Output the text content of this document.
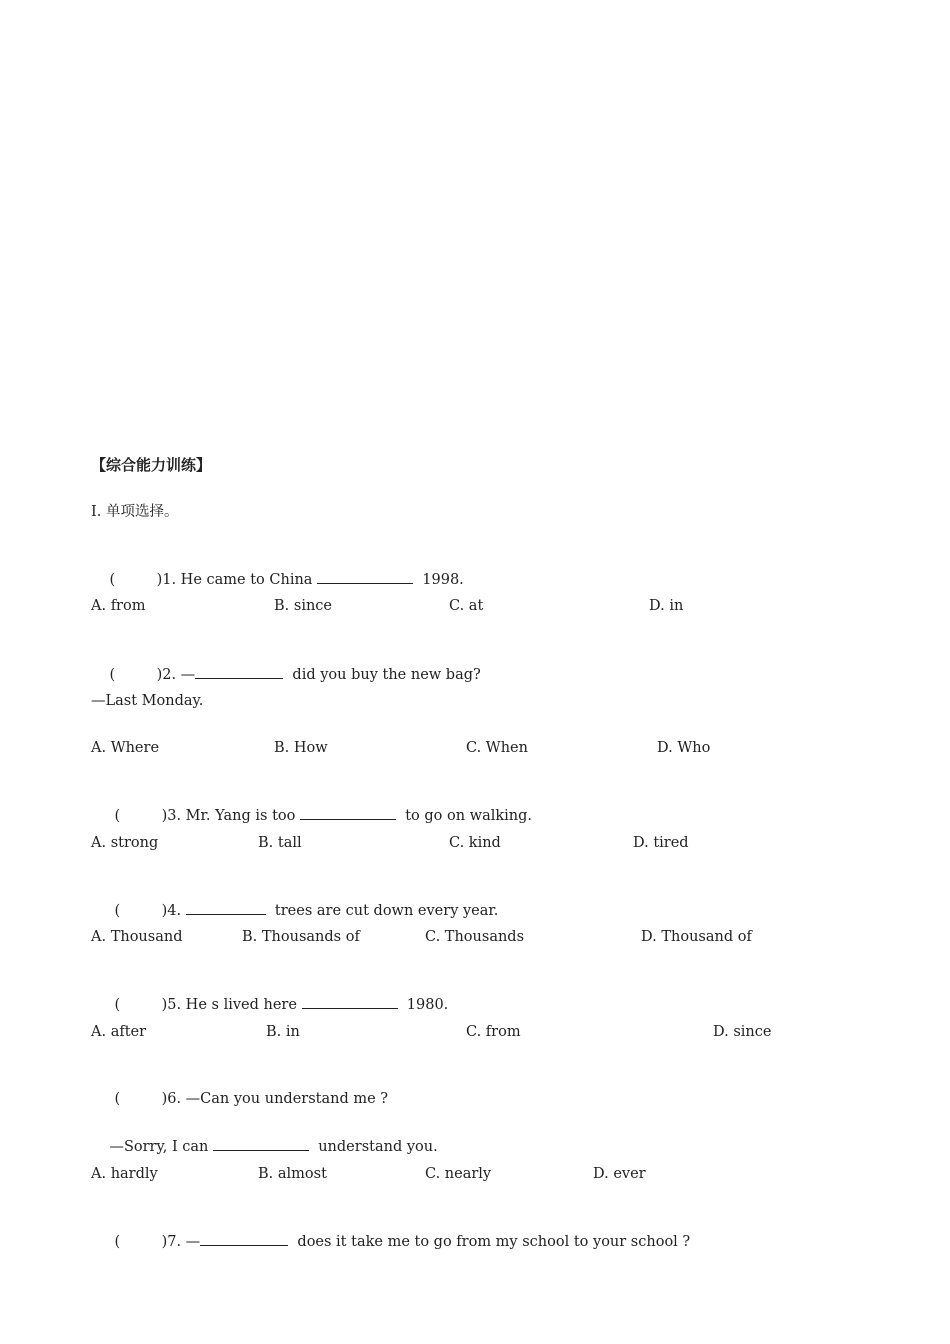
【综合能力训练】
Ⅰ. 单项选择。

(         )1. He came to China	1998.

A. from	B. since	C. at	D. in

(         )2. —	did you buy the new bag?

—Last Monday.
A. Where	B. How	C. When	D. Who

(         )3. Mr. Yang is too	to go on walking.

A. strong	B. tall	C. kind	D. tired

(         )4.	trees are cut down every year.

A. Thousand	B. Thousands of	C. Thousands	D. Thousand of

(         )5. He s lived here	1980.

A. after	B. in	C. from	D. since

(         )6. —Can you understand me ?

—Sorry, I can	understand you.

A. hardly	B. almost	C. nearly	D. ever

(         )7. —	does it take me to go from my school to your school ?
